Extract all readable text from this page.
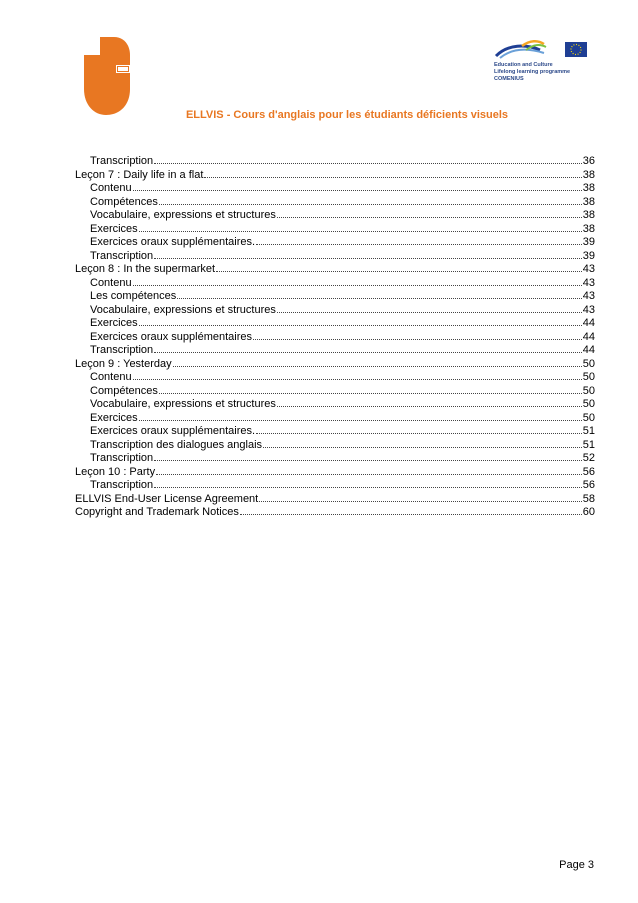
Education and Culture
Lifelong learning programme
COMENIUS
ELLVIS - Cours d'anglais pour les étudiants déficients visuels
Transcription	36
Leçon 7 : Daily life in a flat	38
Contenu	38
Compétences	38
Vocabulaire, expressions et structures	38
Exercices	38
Exercices oraux supplémentaires.	39
Transcription	39
Leçon 8 : In the supermarket	43
Contenu	43
Les compétences	43
Vocabulaire, expressions et structures	43
Exercices	44
Exercices oraux supplémentaires	44
Transcription	44
Leçon 9 : Yesterday	50
Contenu	50
Compétences	50
Vocabulaire, expressions et structures	50
Exercices	50
Exercices oraux supplémentaires.	51
Transcription des dialogues anglais	51
Transcription	52
Leçon 10 : Party	56
Transcription	56
ELLVIS End-User License Agreement	58
Copyright and Trademark Notices	60
Page 3
